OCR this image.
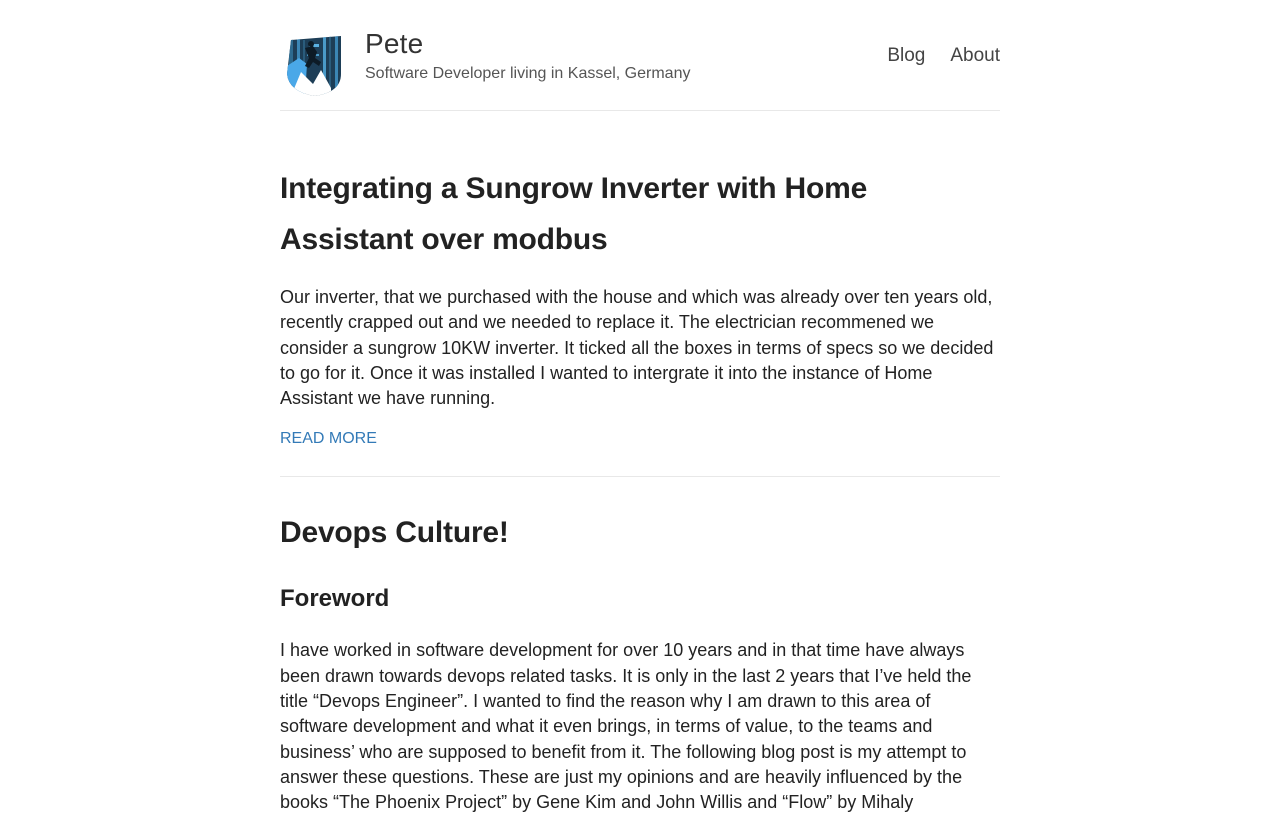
Pete
Software Developer living in Kassel, Germany
Blog About
Integrating a Sungrow Inverter with Home Assistant over modbus

Our inverter, that we purchased with the house and which was already over ten years old, recently crapped out and we needed to replace it. The electrician recommened we consider a sungrow 10KW inverter. It ticked all the boxes in terms of specs so we decided to go for it. Once it was installed I wanted to intergrate it into the instance of Home Assistant we have running.

READ MORE
Devops Culture!
Foreword

I have worked in software development for over 10 years and in that time have always been drawn towards devops related tasks. It is only in the last 2 years that I’ve held the title “Devops Engineer”. I wanted to find the reason why I am drawn to this area of software development and what it even brings, in terms of value, to the teams and business’ who are supposed to benefit from it. The following blog post is my attempt to answer these questions. These are just my opinions and are heavily influenced by the books “The Phoenix Project” by Gene Kim and John Willis and “Flow” by Mihaly
